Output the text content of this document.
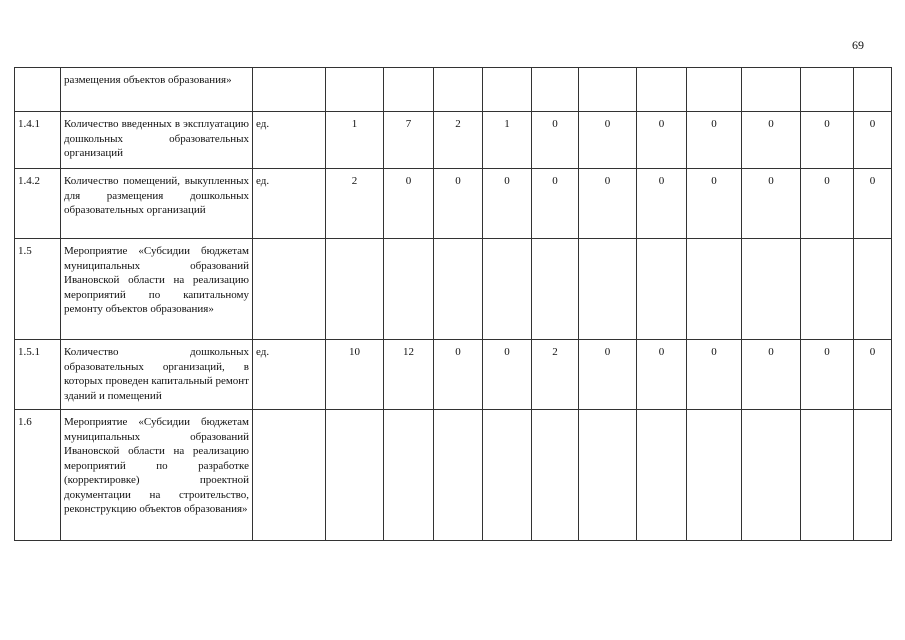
69
	размещения объектов образования»												
1.4.1	Количество введенных в эксплуатацию дошкольных образовательных организаций	ед.	1	7	2	1	0	0	0	0	0	0	0
1.4.2	Количество помещений, выкупленных для размещения дошкольных образовательных организаций	ед.	2	0	0	0	0	0	0	0	0	0	0
1.5	Мероприятие «Субсидии бюджетам муниципальных образований Ивановской области на реализацию мероприятий по капитальному ремонту объектов образования»												
1.5.1	Количество дошкольных образовательных организаций, в которых проведен капитальный ремонт зданий и помещений	ед.	10	12	0	0	2	0	0	0	0	0	0
1.6	Мероприятие «Субсидии бюджетам муниципальных образований Ивановской области на реализацию мероприятий по разработке (корректировке) проектной документации на строительство, реконструкцию объектов образования»												
